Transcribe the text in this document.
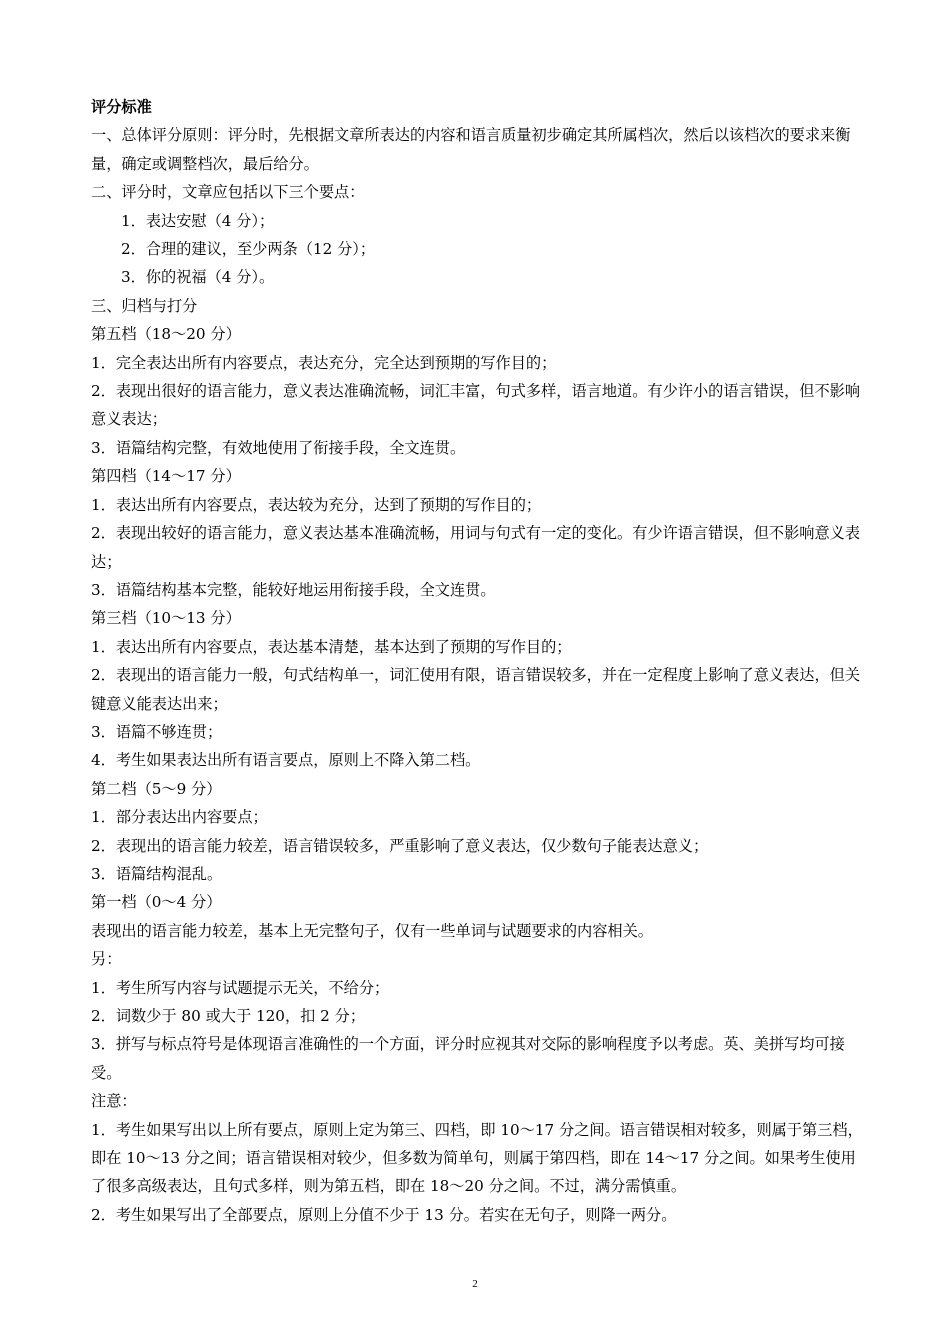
评分标准

一、总体评分原则：评分时，先根据文章所表达的内容和语言质量初步确定其所属档次，然后以该档次的要求来衡量，确定或调整档次，最后给分。

二、评分时，文章应包括以下三个要点：

1．表达安慰（4 分）；

2．合理的建议，至少两条（12 分）；

3．你的祝福（4 分）。

三、归档与打分

第五档（18～20 分）

1．完全表达出所有内容要点，表达充分，完全达到预期的写作目的；

2．表现出很好的语言能力，意义表达准确流畅，词汇丰富，句式多样，语言地道。有少许小的语言错误，但不影响意义表达；

3．语篇结构完整，有效地使用了衔接手段，全文连贯。

第四档（14～17 分）

1．表达出所有内容要点，表达较为充分，达到了预期的写作目的；

2．表现出较好的语言能力，意义表达基本准确流畅，用词与句式有一定的变化。有少许语言错误，但不影响意义表达；

3．语篇结构基本完整，能较好地运用衔接手段，全文连贯。

第三档（10～13 分）

1．表达出所有内容要点，表达基本清楚，基本达到了预期的写作目的；

2．表现出的语言能力一般，句式结构单一，词汇使用有限，语言错误较多，并在一定程度上影响了意义表达，但关键意义能表达出来；

3．语篇不够连贯；

4．考生如果表达出所有语言要点，原则上不降入第二档。

第二档（5～9 分）

1．部分表达出内容要点；

2．表现出的语言能力较差，语言错误较多，严重影响了意义表达，仅少数句子能表达意义；

3．语篇结构混乱。

第一档（0～4 分）

表现出的语言能力较差，基本上无完整句子，仅有一些单词与试题要求的内容相关。

另：

1．考生所写内容与试题提示无关，不给分；

2．词数少于 80 或大于 120，扣 2 分；

3．拼写与标点符号是体现语言准确性的一个方面，评分时应视其对交际的影响程度予以考虑。英、美拼写均可接受。

注意：

1．考生如果写出以上所有要点，原则上定为第三、四档，即 10～17 分之间。语言错误相对较多，则属于第三档，即在 10～13 分之间；语言错误相对较少，但多数为简单句，则属于第四档，即在 14～17 分之间。如果考生使用了很多高级表达，且句式多样，则为第五档，即在 18～20 分之间。不过，满分需慎重。

2．考生如果写出了全部要点，原则上分值不少于 13 分。若实在无句子，则降一两分。

2
